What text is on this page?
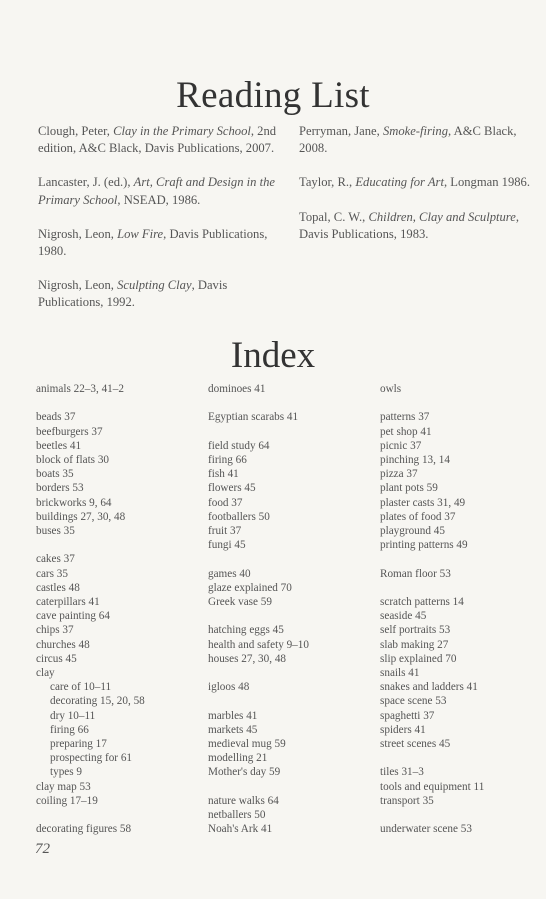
Reading List
Clough, Peter, Clay in the Primary School, 2nd edition, A&C Black, Davis Publications, 2007.
Lancaster, J. (ed.), Art, Craft and Design in the Primary School, NSEAD, 1986.
Nigrosh, Leon, Low Fire, Davis Publications, 1980.
Nigrosh, Leon, Sculpting Clay, Davis Publications, 1992.
Perryman, Jane, Smoke-firing, A&C Black, 2008.
Taylor, R., Educating for Art, Longman 1986.
Topal, C. W., Children, Clay and Sculpture, Davis Publications, 1983.
Index
animals 22–3, 41–2
beads 37
beefburgers 37
beetles 41
block of flats 30
boats 35
borders 53
brickworks 9, 64
buildings 27, 30, 48
buses 35
cakes 37
cars 35
castles 48
caterpillars 41
cave painting 64
chips 37
churches 48
circus 45
clay
care of 10–11
decorating 15, 20, 58
dry 10–11
firing 66
preparing 17
prospecting for 61
types 9
clay map 53
coiling 17–19
decorating figures 58
dominoes 41
Egyptian scarabs 41
field study 64
firing 66
fish 41
flowers 45
food 37
footballers 50
fruit 37
fungi 45
games 40
glaze explained 70
Greek vase 59
hatching eggs 45
health and safety 9–10
houses 27, 30, 48
igloos 48
marbles 41
markets 45
medieval mug 59
modelling 21
Mother's day 59
nature walks 64
netballers 50
Noah's Ark 41
owls
patterns 37
pet shop 41
picnic 37
pinching 13, 14
pizza 37
plant pots 59
plaster casts 31, 49
plates of food 37
playground 45
printing patterns 49
Roman floor 53
scratch patterns 14
seaside 45
self portraits 53
slab making 27
slip explained 70
snails 41
snakes and ladders 41
space scene 53
spaghetti 37
spiders 41
street scenes 45
tiles 31–3
tools and equipment 11
transport 35
underwater scene 53
72
